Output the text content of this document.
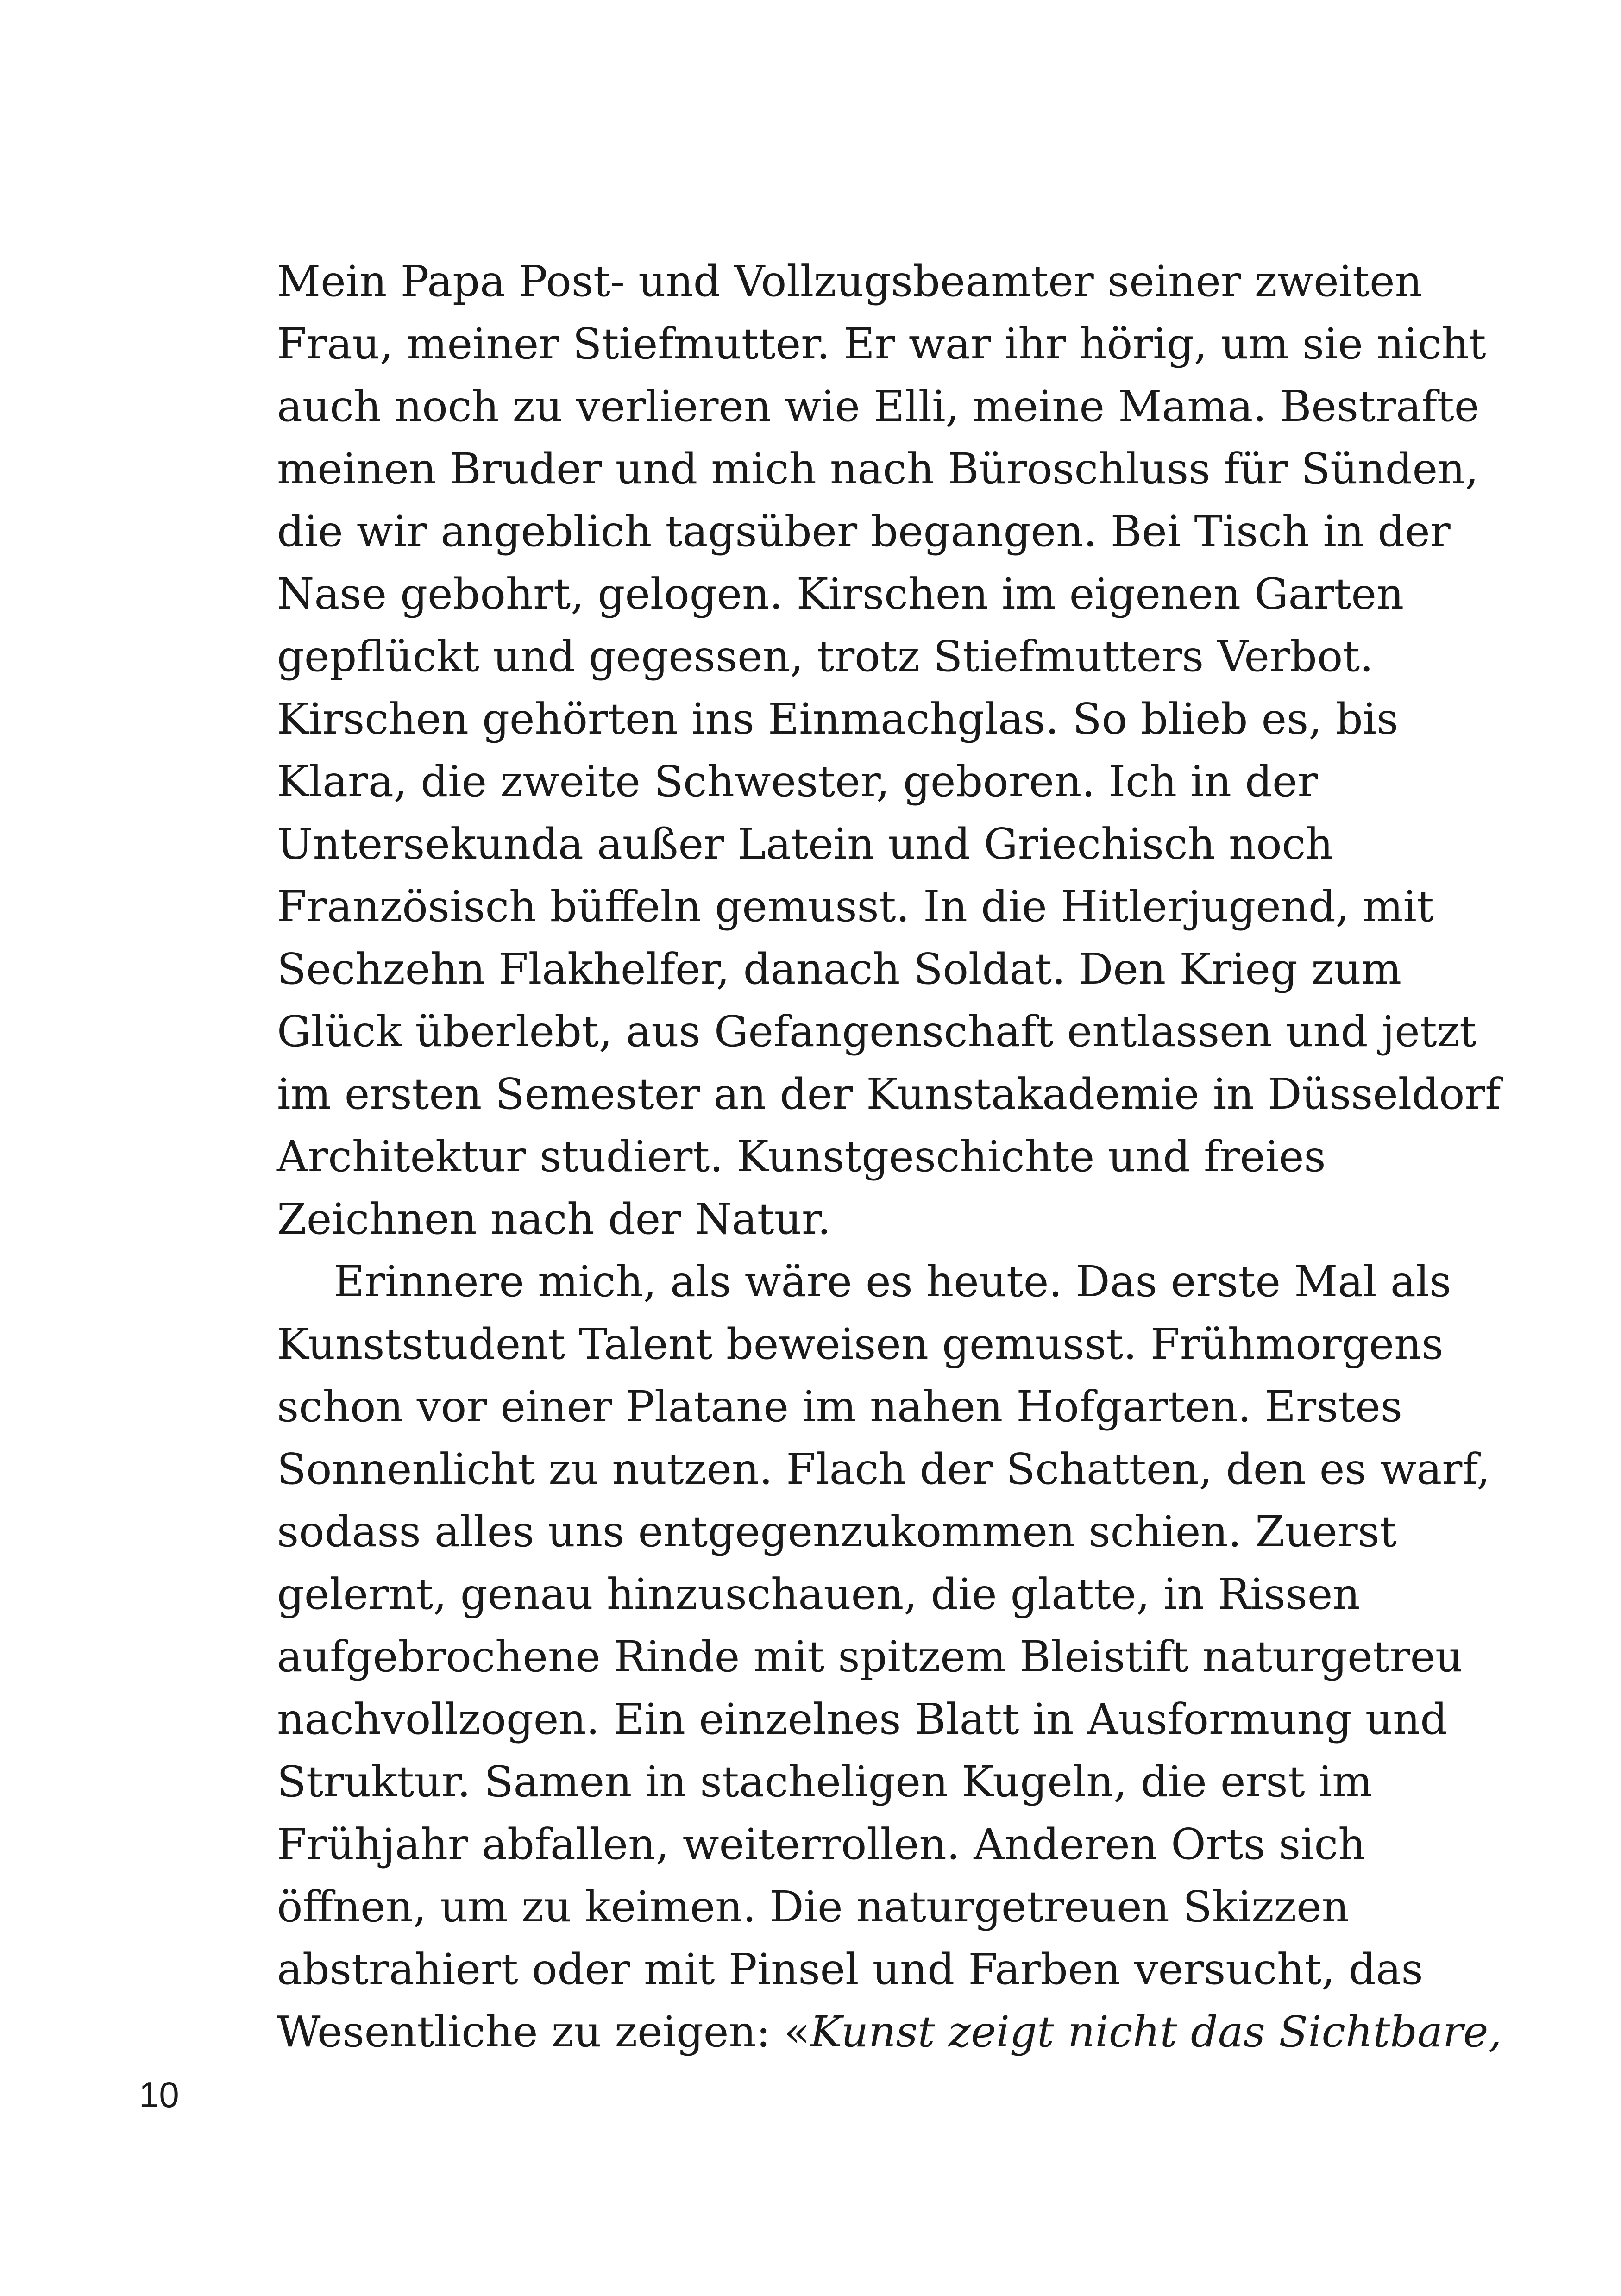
Mein Papa Post- und Vollzugsbeamter seiner zweiten
Frau, meiner Stiefmutter. Er war ihr hörig, um sie nicht
auch noch zu verlieren wie Elli, meine Mama. Bestrafte
meinen Bruder und mich nach Büroschluss für Sünden,
die wir angeblich tagsüber begangen. Bei Tisch in der
Nase gebohrt, gelogen. Kirschen im eigenen Garten
gepflückt und gegessen, trotz Stiefmutters Verbot.
Kirschen gehörten ins Einmachglas. So blieb es, bis
Klara, die zweite Schwester, geboren. Ich in der
Untersekunda außer Latein und Griechisch noch
Französisch büffeln gemusst. In die Hitlerjugend, mit
Sechzehn Flakhelfer, danach Soldat. Den Krieg zum
Glück überlebt, aus Gefangenschaft entlassen und jetzt
im ersten Semester an der Kunstakademie in Düsseldorf
Architektur studiert. Kunstgeschichte und freies
Zeichnen nach der Natur.
Erinnere mich, als wäre es heute. Das erste Mal als
Kunststudent Talent beweisen gemusst. Frühmorgens
schon vor einer Platane im nahen Hofgarten. Erstes
Sonnenlicht zu nutzen. Flach der Schatten, den es warf,
sodass alles uns entgegenzukommen schien. Zuerst
gelernt, genau hinzuschauen, die glatte, in Rissen
aufgebrochene Rinde mit spitzem Bleistift naturgetreu
nachvollzogen. Ein einzelnes Blatt in Ausformung und
Struktur. Samen in stacheligen Kugeln, die erst im
Frühjahr abfallen, weiterrollen. Anderen Orts sich
öffnen, um zu keimen. Die naturgetreuen Skizzen
abstrahiert oder mit Pinsel und Farben versucht, das
Wesentliche zu zeigen: «Kunst zeigt nicht das Sichtbare,
10
